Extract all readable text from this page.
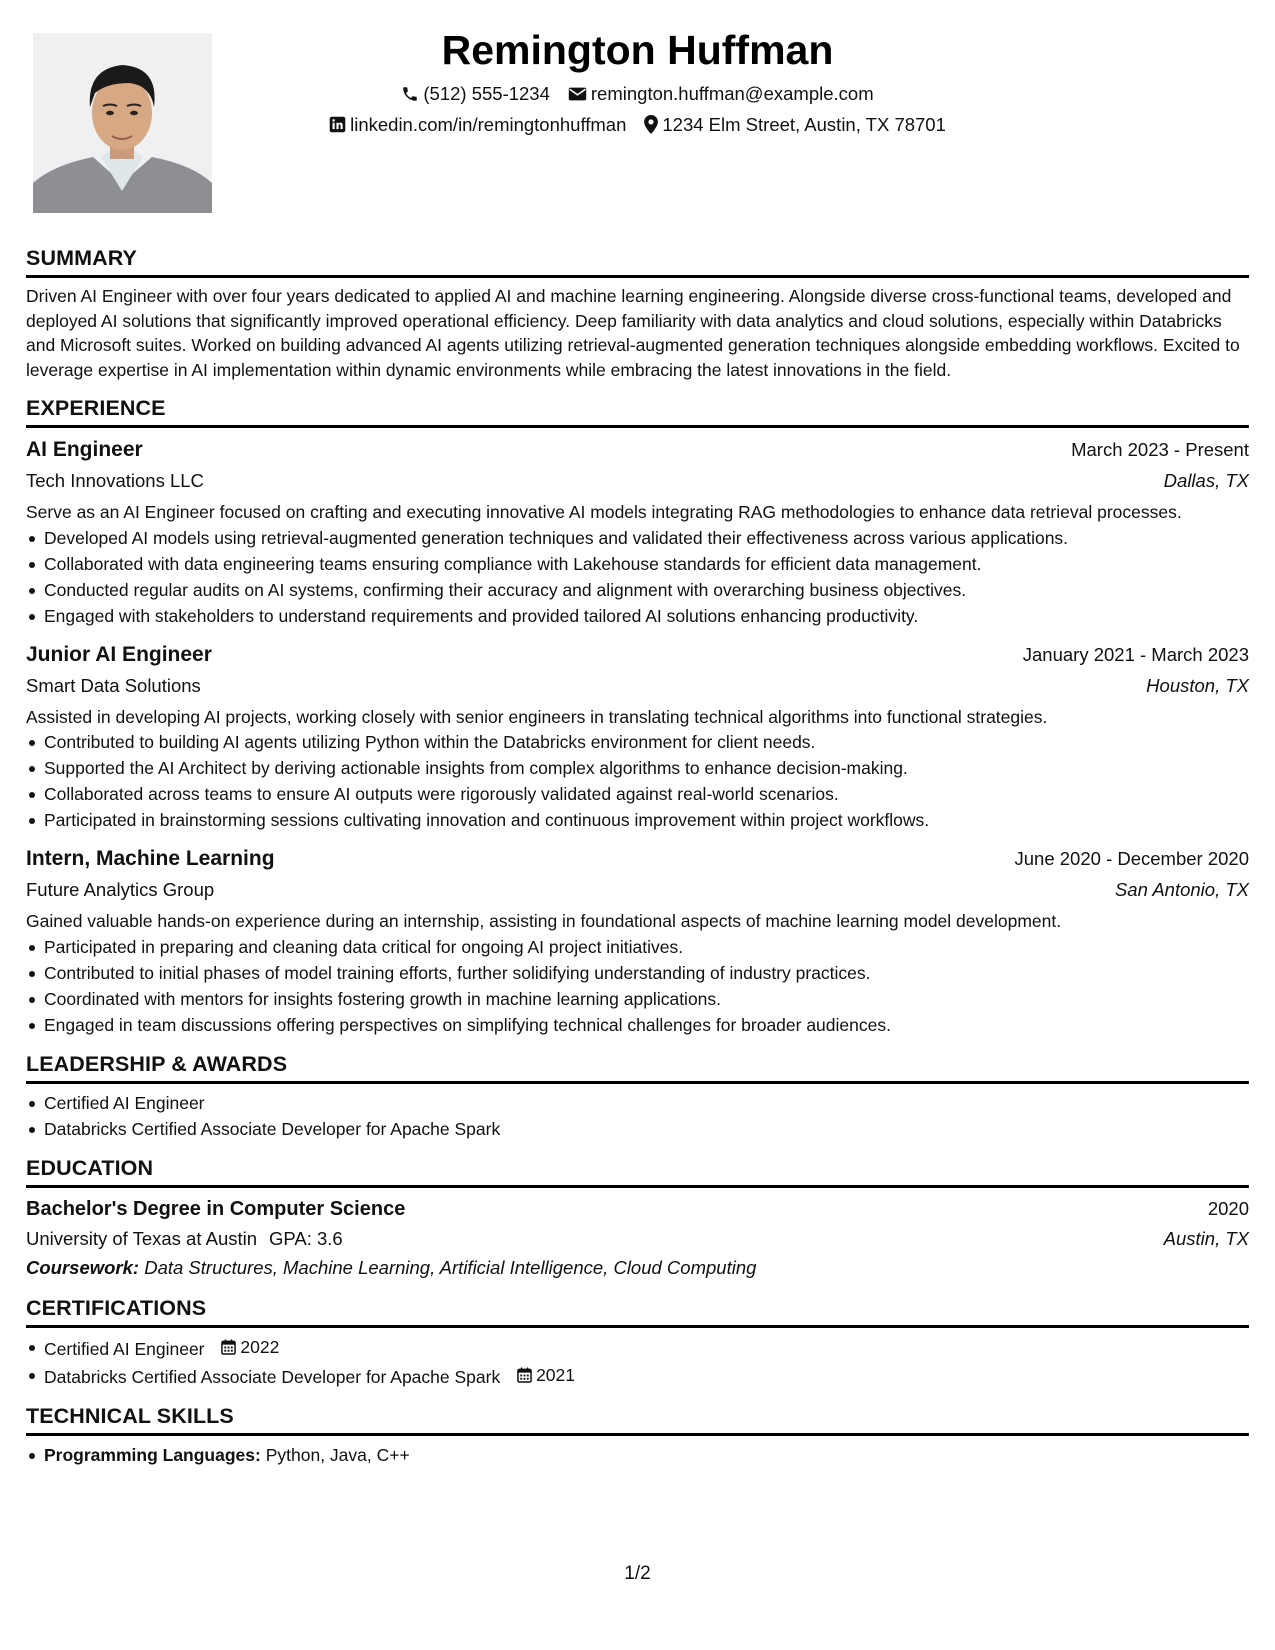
Remington Huffman
(512) 555-1234 remington.huffman@example.com
linkedin.com/in/remingtonhuffman 1234 Elm Street, Austin, TX 78701
SUMMARY
Driven AI Engineer with over four years dedicated to applied AI and machine learning engineering. Alongside diverse cross-functional teams, developed and deployed AI solutions that significantly improved operational efficiency. Deep familiarity with data analytics and cloud solutions, especially within Databricks and Microsoft suites. Worked on building advanced AI agents utilizing retrieval-augmented generation techniques alongside embedding workflows. Excited to leverage expertise in AI implementation within dynamic environments while embracing the latest innovations in the field.
EXPERIENCE
AI Engineer	March 2023 - Present
Tech Innovations LLC	Dallas, TX
Serve as an AI Engineer focused on crafting and executing innovative AI models integrating RAG methodologies to enhance data retrieval processes.
Developed AI models using retrieval-augmented generation techniques and validated their effectiveness across various applications.
Collaborated with data engineering teams ensuring compliance with Lakehouse standards for efficient data management.
Conducted regular audits on AI systems, confirming their accuracy and alignment with overarching business objectives.
Engaged with stakeholders to understand requirements and provided tailored AI solutions enhancing productivity.
Junior AI Engineer	January 2021 - March 2023
Smart Data Solutions	Houston, TX
Assisted in developing AI projects, working closely with senior engineers in translating technical algorithms into functional strategies.
Contributed to building AI agents utilizing Python within the Databricks environment for client needs.
Supported the AI Architect by deriving actionable insights from complex algorithms to enhance decision-making.
Collaborated across teams to ensure AI outputs were rigorously validated against real-world scenarios.
Participated in brainstorming sessions cultivating innovation and continuous improvement within project workflows.
Intern, Machine Learning	June 2020 - December 2020
Future Analytics Group	San Antonio, TX
Gained valuable hands-on experience during an internship, assisting in foundational aspects of machine learning model development.
Participated in preparing and cleaning data critical for ongoing AI project initiatives.
Contributed to initial phases of model training efforts, further solidifying understanding of industry practices.
Coordinated with mentors for insights fostering growth in machine learning applications.
Engaged in team discussions offering perspectives on simplifying technical challenges for broader audiences.
LEADERSHIP & AWARDS
Certified AI Engineer
Databricks Certified Associate Developer for Apache Spark
EDUCATION
Bachelor's Degree in Computer Science	2020
University of Texas at Austin GPA: 3.6	Austin, TX
Coursework: Data Structures, Machine Learning, Artificial Intelligence, Cloud Computing
CERTIFICATIONS
Certified AI Engineer 2022
Databricks Certified Associate Developer for Apache Spark 2021
TECHNICAL SKILLS
Programming Languages: Python, Java, C++
1/2
